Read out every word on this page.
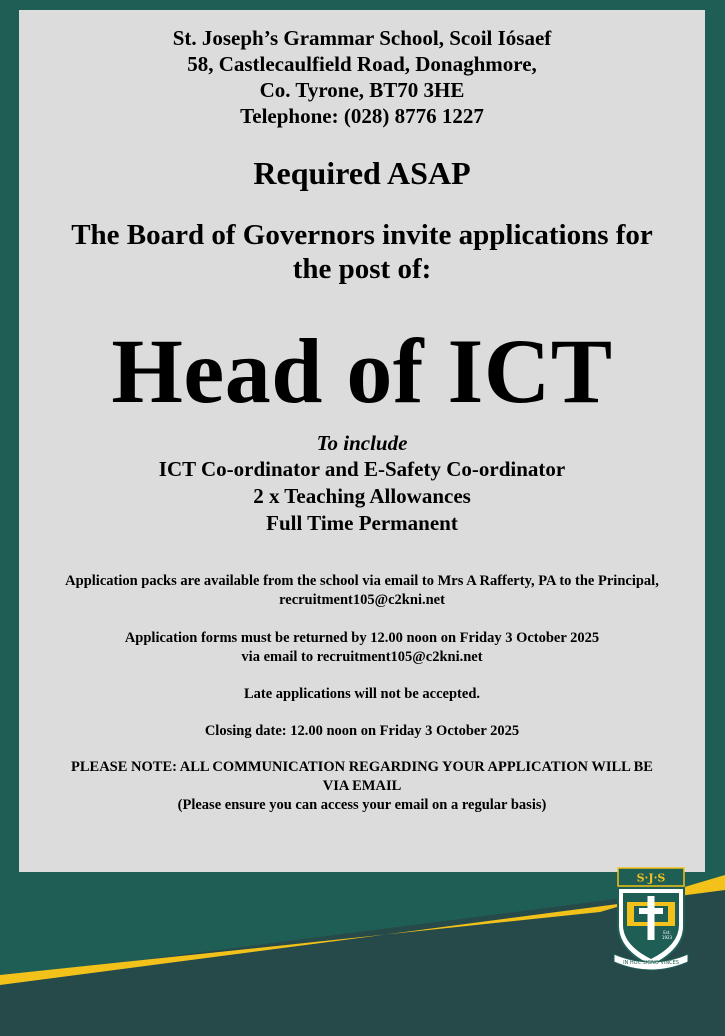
St. Joseph’s Grammar School, Scoil Iósaef
58, Castlecaulfield Road, Donaghmore,
Co. Tyrone, BT70 3HE
Telephone: (028) 8776 1227
Required ASAP
The Board of Governors invite applications for
the post of:
Head of ICT
To include
ICT Co-ordinator and E-Safety Co-ordinator
2 x Teaching Allowances
Full Time Permanent
Application packs are available from the school via email to Mrs A Rafferty, PA to the Principal,
recruitment105@c2kni.net
Application forms must be returned by 12.00 noon on Friday 3 October 2025
via email to recruitment105@c2kni.net
Late applications will not be accepted.
Closing date: 12.00 noon on Friday 3 October 2025
PLEASE NOTE: ALL COMMUNICATION REGARDING YOUR APPLICATION WILL BE
VIA EMAIL
(Please ensure you can access your email on a regular basis)
S·J·S
Est.
1923
IN HOC SIGNO VINCES
